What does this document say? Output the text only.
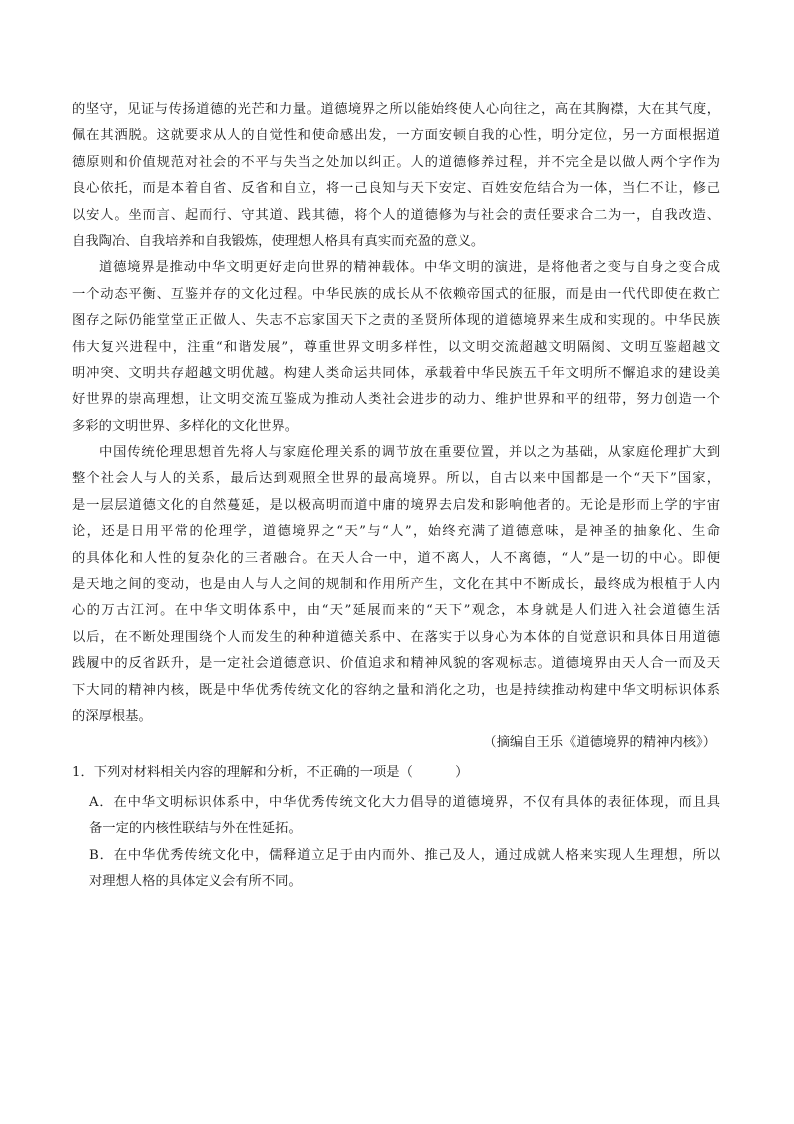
的坚守，见证与传扬道德的光芒和力量。道德境界之所以能始终使人心向往之，高在其胸襟，大在其气度，
佩在其洒脱。这就要求从人的自觉性和使命感出发，一方面安顿自我的心性，明分定位，另一方面根据道
德原则和价值规范对社会的不平与失当之处加以纠正。人的道德修养过程，并不完全是以做人两个字作为
良心依托，而是本着自省、反省和自立，将一己良知与天下安定、百姓安危结合为一体，当仁不让，修己
以安人。坐而言、起而行、守其道、践其德，将个人的道德修为与社会的责任要求合二为一，自我改造、
自我陶冶、自我培养和自我锻炼，使理想人格具有真实而充盈的意义。
道德境界是推动中华文明更好走向世界的精神载体。中华文明的演进，是将他者之变与自身之变合成
一个动态平衡、互鉴并存的文化过程。中华民族的成长从不依赖帝国式的征服，而是由一代代即使在救亡
图存之际仍能堂堂正正做人、失志不忘家国天下之责的圣贤所体现的道德境界来生成和实现的。中华民族
伟大复兴进程中，注重“和谐发展”，尊重世界文明多样性，以文明交流超越文明隔阂、文明互鉴超越文
明冲突、文明共存超越文明优越。构建人类命运共同体，承载着中华民族五千年文明所不懈追求的建设美
好世界的崇高理想，让文明交流互鉴成为推动人类社会进步的动力、维护世界和平的纽带，努力创造一个
多彩的文明世界、多样化的文化世界。
中国传统伦理思想首先将人与家庭伦理关系的调节放在重要位置，并以之为基础，从家庭伦理扩大到
整个社会人与人的关系，最后达到观照全世界的最高境界。所以，自古以来中国都是一个“天下”国家，
是一层层道德文化的自然蔓延，是以极高明而道中庸的境界去启发和影响他者的。无论是形而上学的宇宙
论，还是日用平常的伦理学，道德境界之“天”与“人”，始终充满了道德意味，是神圣的抽象化、生命
的具体化和人性的复杂化的三者融合。在天人合一中，道不离人，人不离德，“人”是一切的中心。即便
是天地之间的变动，也是由人与人之间的规制和作用所产生，文化在其中不断成长，最终成为根植于人内
心的万古江河。在中华文明体系中，由“天”延展而来的“天下”观念，本身就是人们进入社会道德生活
以后，在不断处理围绕个人而发生的种种道德关系中、在落实于以身心为本体的自觉意识和具体日用道德
践履中的反省跃升，是一定社会道德意识、价值追求和精神风貌的客观标志。道德境界由天人合一而及天
下大同的精神内核，既是中华优秀传统文化的容纳之量和消化之功，也是持续推动构建中华文明标识体系
的深厚根基。
（摘编自王乐《道德境界的精神内核》）
1．下列对材料相关内容的理解和分析，不正确的一项是（          ）
A．在中华文明标识体系中，中华优秀传统文化大力倡导的道德境界，不仅有具体的表征体现，而且具
备一定的内核性联结与外在性延拓。
B．在中华优秀传统文化中，儒释道立足于由内而外、推己及人，通过成就人格来实现人生理想，所以
对理想人格的具体定义会有所不同。
